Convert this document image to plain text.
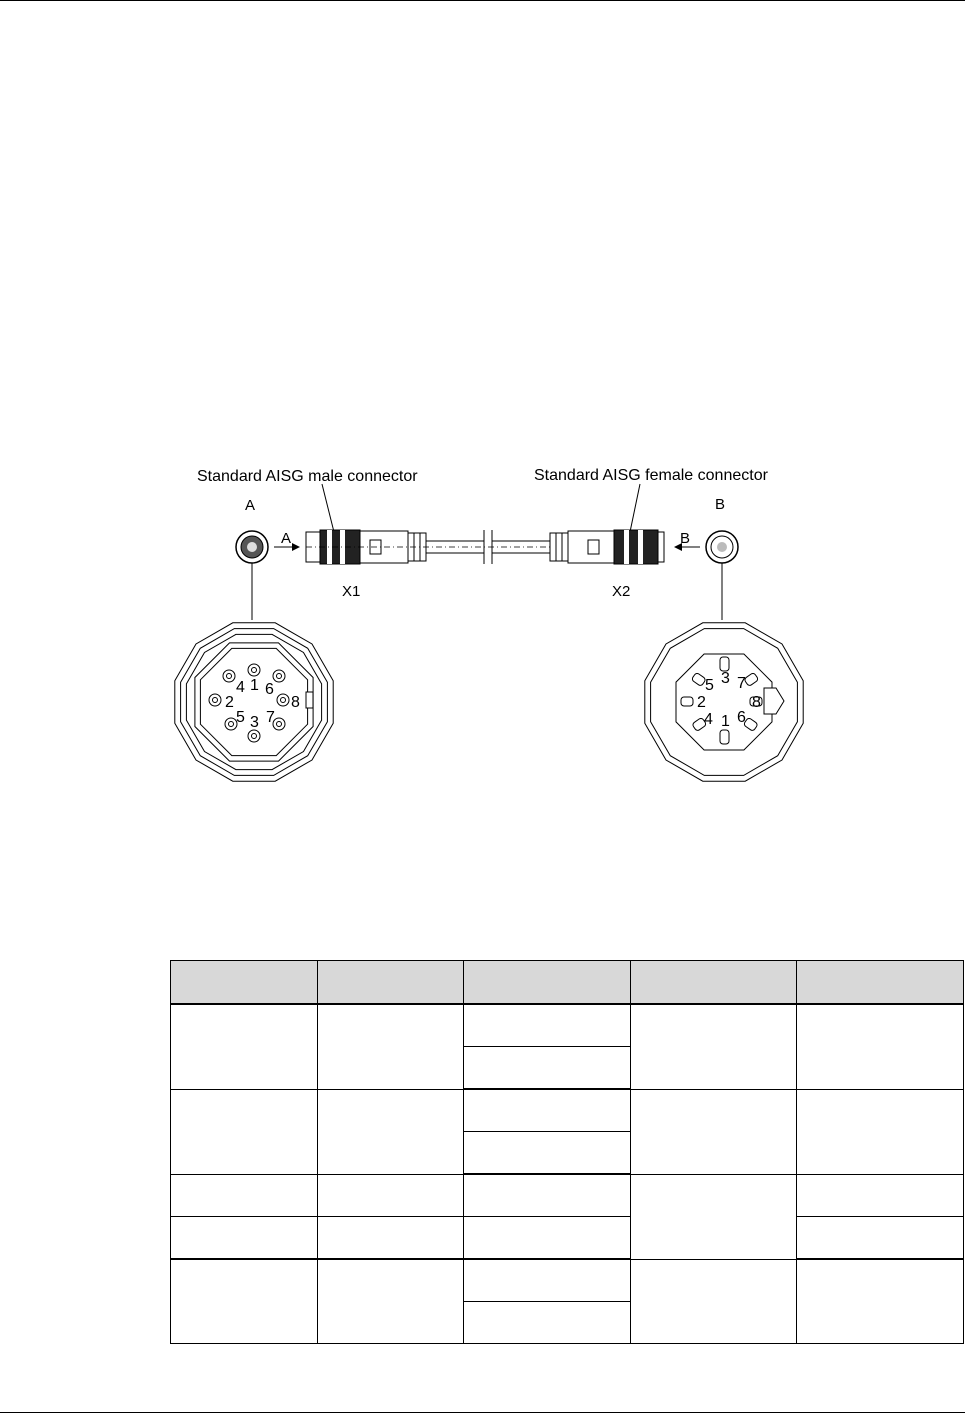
Standard AISG male connector	Standard AISG female connector
A	B
A	B
X1	X2
1
4 6
2	8
5 7
3
5 3 7
2	8
4 1 6
